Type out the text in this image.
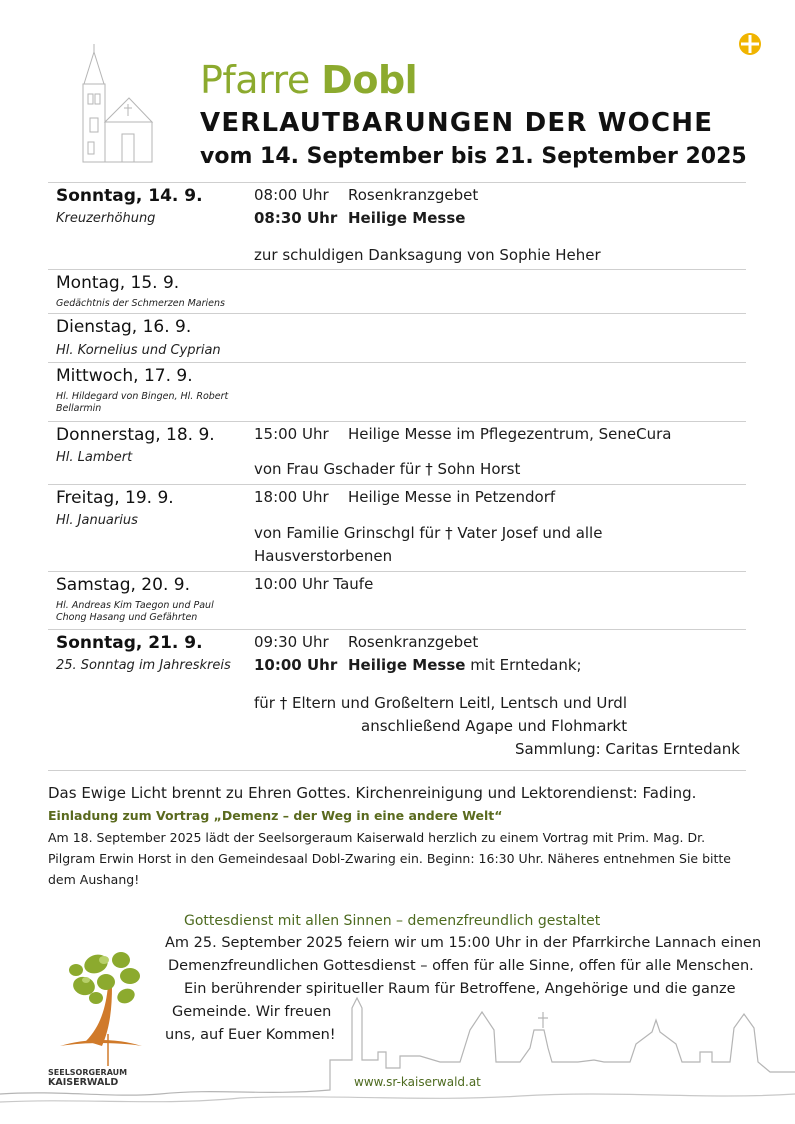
Pfarre Dobl
VERLAUTBARUNGEN DER WOCHE
vom 14. September bis 21. September 2025
Sonntag, 14. 9.
Kreuzerhöhung
08:00 Uhr Rosenkranzgebet
08:30 Uhr Heilige Messe
zur schuldigen Danksagung von Sophie Heher
Montag, 15. 9.
Gedächtnis der Schmerzen Mariens
Dienstag, 16. 9.
Hl. Kornelius und Cyprian
Mittwoch, 17. 9.
Hl. Hildegard von Bingen, Hl. Robert Bellarmin
Donnerstag, 18. 9.
Hl. Lambert
15:00 Uhr Heilige Messe im Pflegezentrum, SeneCura
von Frau Gschader für † Sohn Horst
Freitag, 19. 9.
Hl. Januarius
18:00 Uhr Heilige Messe in Petzendorf
von Familie Grinschgl für † Vater Josef und alle
Hausverstorbenen
Samstag, 20. 9.
Hl. Andreas Kim Taegon und Paul Chong Hasang und Gefährten
10:00 Uhr Taufe
Sonntag, 21. 9.
25. Sonntag im Jahreskreis
09:30 Uhr Rosenkranzgebet
10:00 Uhr Heilige Messe mit Erntedank;
für † Eltern und Großeltern Leitl, Lentsch und Urdl
anschließend Agape und Flohmarkt
Sammlung: Caritas Erntedank
Das Ewige Licht brennt zu Ehren Gottes. Kirchenreinigung und Lektorendienst: Fading.
Einladung zum Vortrag „Demenz – der Weg in eine andere Welt“
Am 18. September 2025 lädt der Seelsorgeraum Kaiserwald herzlich zu einem Vortrag mit Prim. Mag. Dr. Pilgram Erwin Horst in den Gemeindesaal Dobl-Zwaring ein. Beginn: 16:30 Uhr. Näheres entnehmen Sie bitte dem Aushang!
Gottesdienst mit allen Sinnen – demenzfreundlich gestaltet
Am 25. September 2025 feiern wir um 15:00 Uhr in der Pfarrkirche Lannach einen
Demenzfreundlichen Gottesdienst – offen für alle Sinne, offen für alle Menschen.
Ein berührender spiritueller Raum für Betroffene, Angehörige und die ganze
Gemeinde. Wir freuen
uns, auf Euer Kommen!
SEELSORGERAUM
KAISERWALD	www.sr-kaiserwald.at
